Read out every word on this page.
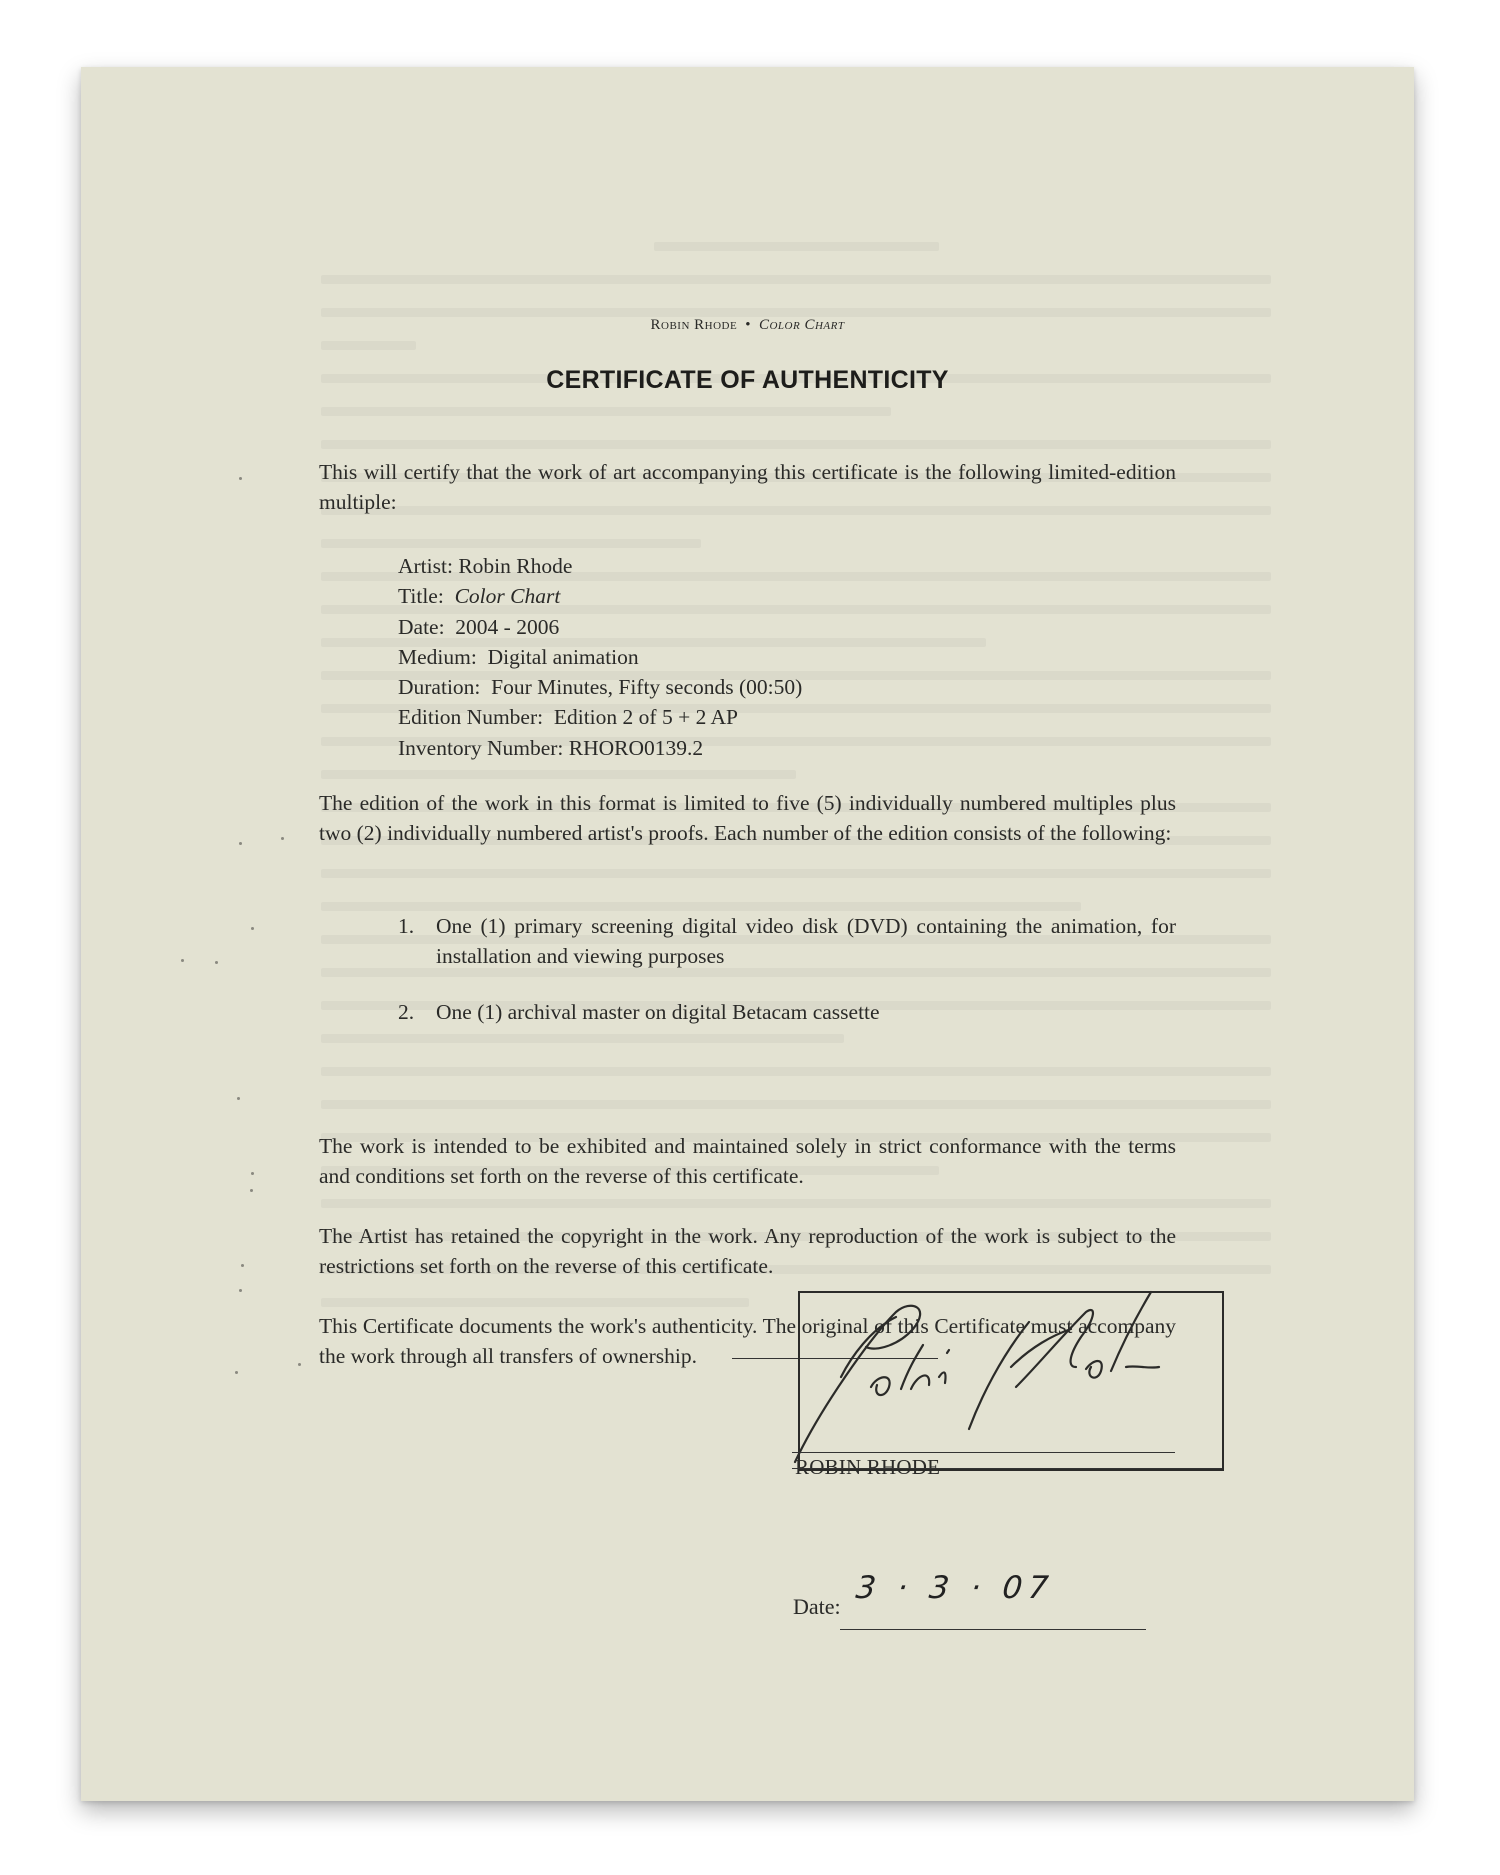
Robin Rhode • Color Chart
CERTIFICATE OF AUTHENTICITY
This will certify that the work of art accompanying this certificate is the following limited-edition multiple:
Artist: Robin Rhode
Title:  Color Chart
Date:  2004 - 2006
Medium:  Digital animation
Duration:  Four Minutes, Fifty seconds (00:50)
Edition Number:  Edition 2 of 5 + 2 AP
Inventory Number: RHORO0139.2
The edition of the work in this format is limited to five (5) individually numbered multiples plus two (2) individually numbered artist's proofs. Each number of the edition consists of the following:
1.	One (1) primary screening digital video disk (DVD) containing the animation, for installation and viewing purposes
2.	One (1) archival master on digital Betacam cassette
The work is intended to be exhibited and maintained solely in strict conformance with the terms and conditions set forth on the reverse of this certificate.
The Artist has retained the copyright in the work. Any reproduction of the work is subject to the restrictions set forth on the reverse of this certificate.
This Certificate documents the work's authenticity. The original of this Certificate must accompany the work through all transfers of ownership.
ROBIN RHODE
Date:
3 · 3 · 07
